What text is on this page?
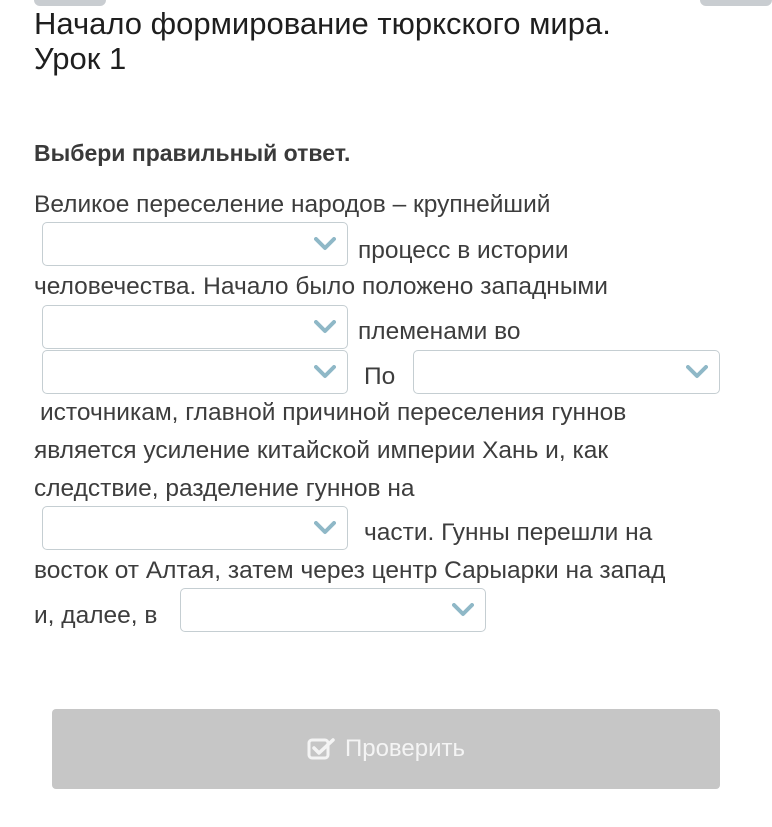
Начало формирование тюркского мира.
Урок 1
Выбери правильный ответ.
Великое переселение народов – крупнейший
процесс в истории
человечества. Начало было положено западными
племенами во
По
источникам, главной причиной переселения гуннов
является усиление китайской империи Хань и, как
следствие, разделение гуннов на
части. Гунны перешли на
восток от Алтая, затем через центр Сарыарки на запад
и, далее, в
Проверить
